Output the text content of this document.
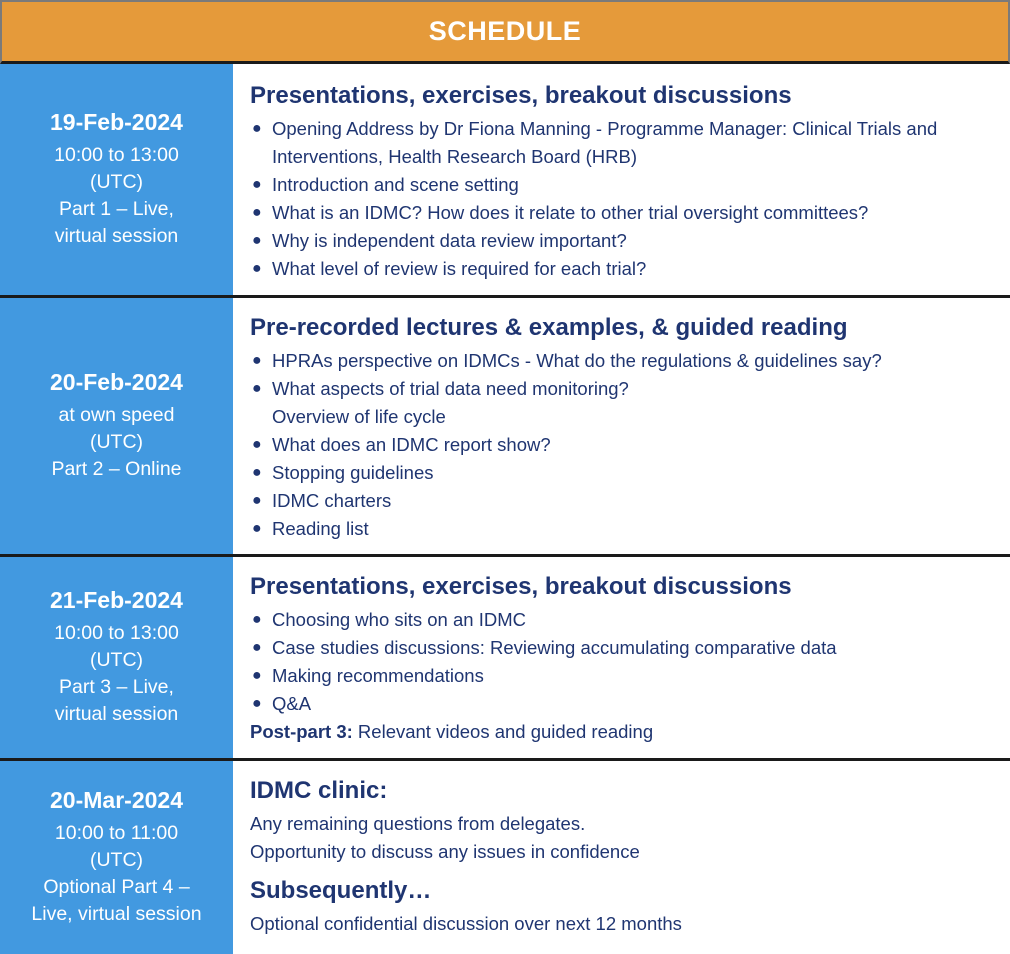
SCHEDULE
19-Feb-2024
10:00 to 13:00
(UTC)
Part 1 – Live,
virtual session
Presentations, exercises, breakout discussions
● Opening Address by Dr Fiona Manning - Programme Manager: Clinical Trials and Interventions, Health Research Board (HRB)
● Introduction and scene setting
● What is an IDMC? How does it relate to other trial oversight committees?
● Why is independent data review important?
● What level of review is required for each trial?
20-Feb-2024
at own speed
(UTC)
Part 2 – Online
Pre-recorded lectures & examples, & guided reading
● HPRAs perspective on IDMCs - What do the regulations & guidelines say?
● What aspects of trial data need monitoring?
Overview of life cycle
● What does an IDMC report show?
● Stopping guidelines
● IDMC charters
● Reading list
21-Feb-2024
10:00 to 13:00
(UTC)
Part 3 – Live,
virtual session
Presentations, exercises, breakout discussions
● Choosing who sits on an IDMC
● Case studies discussions: Reviewing accumulating comparative data
● Making recommendations
● Q&A
Post-part 3: Relevant videos and guided reading
20-Mar-2024
10:00 to 11:00
(UTC)
Optional Part 4 –
Live, virtual session
IDMC clinic:
Any remaining questions from delegates.
Opportunity to discuss any issues in confidence
Subsequently…
Optional confidential discussion over next 12 months
